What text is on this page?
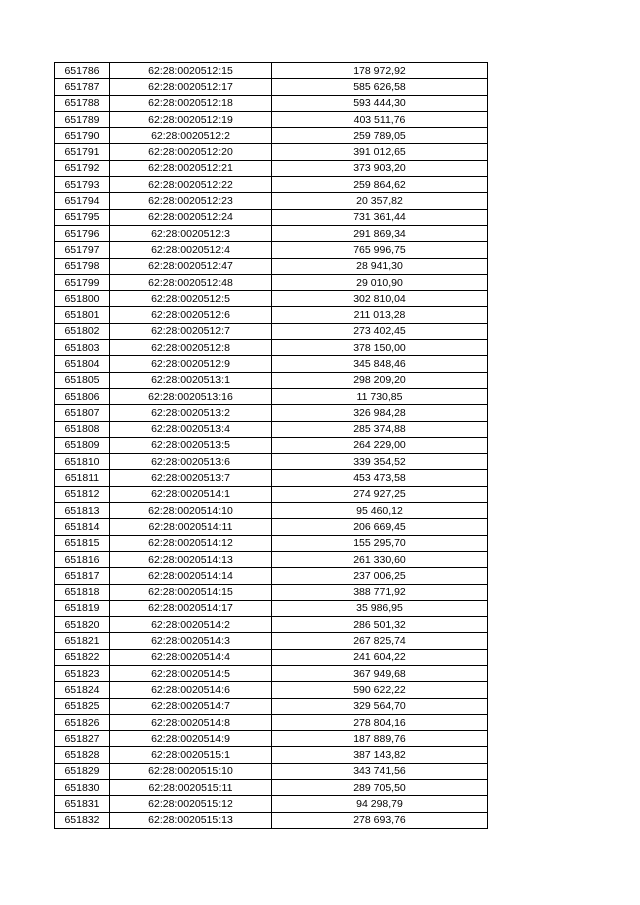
651786	62:28:0020512:15	178 972,92
651787	62:28:0020512:17	585 626,58
651788	62:28:0020512:18	593 444,30
651789	62:28:0020512:19	403 511,76
651790	62:28:0020512:2	259 789,05
651791	62:28:0020512:20	391 012,65
651792	62:28:0020512:21	373 903,20
651793	62:28:0020512:22	259 864,62
651794	62:28:0020512:23	20 357,82
651795	62:28:0020512:24	731 361,44
651796	62:28:0020512:3	291 869,34
651797	62:28:0020512:4	765 996,75
651798	62:28:0020512:47	28 941,30
651799	62:28:0020512:48	29 010,90
651800	62:28:0020512:5	302 810,04
651801	62:28:0020512:6	211 013,28
651802	62:28:0020512:7	273 402,45
651803	62:28:0020512:8	378 150,00
651804	62:28:0020512:9	345 848,46
651805	62:28:0020513:1	298 209,20
651806	62:28:0020513:16	11 730,85
651807	62:28:0020513:2	326 984,28
651808	62:28:0020513:4	285 374,88
651809	62:28:0020513:5	264 229,00
651810	62:28:0020513:6	339 354,52
651811	62:28:0020513:7	453 473,58
651812	62:28:0020514:1	274 927,25
651813	62:28:0020514:10	95 460,12
651814	62:28:0020514:11	206 669,45
651815	62:28:0020514:12	155 295,70
651816	62:28:0020514:13	261 330,60
651817	62:28:0020514:14	237 006,25
651818	62:28:0020514:15	388 771,92
651819	62:28:0020514:17	35 986,95
651820	62:28:0020514:2	286 501,32
651821	62:28:0020514:3	267 825,74
651822	62:28:0020514:4	241 604,22
651823	62:28:0020514:5	367 949,68
651824	62:28:0020514:6	590 622,22
651825	62:28:0020514:7	329 564,70
651826	62:28:0020514:8	278 804,16
651827	62:28:0020514:9	187 889,76
651828	62:28:0020515:1	387 143,82
651829	62:28:0020515:10	343 741,56
651830	62:28:0020515:11	289 705,50
651831	62:28:0020515:12	94 298,79
651832	62:28:0020515:13	278 693,76
